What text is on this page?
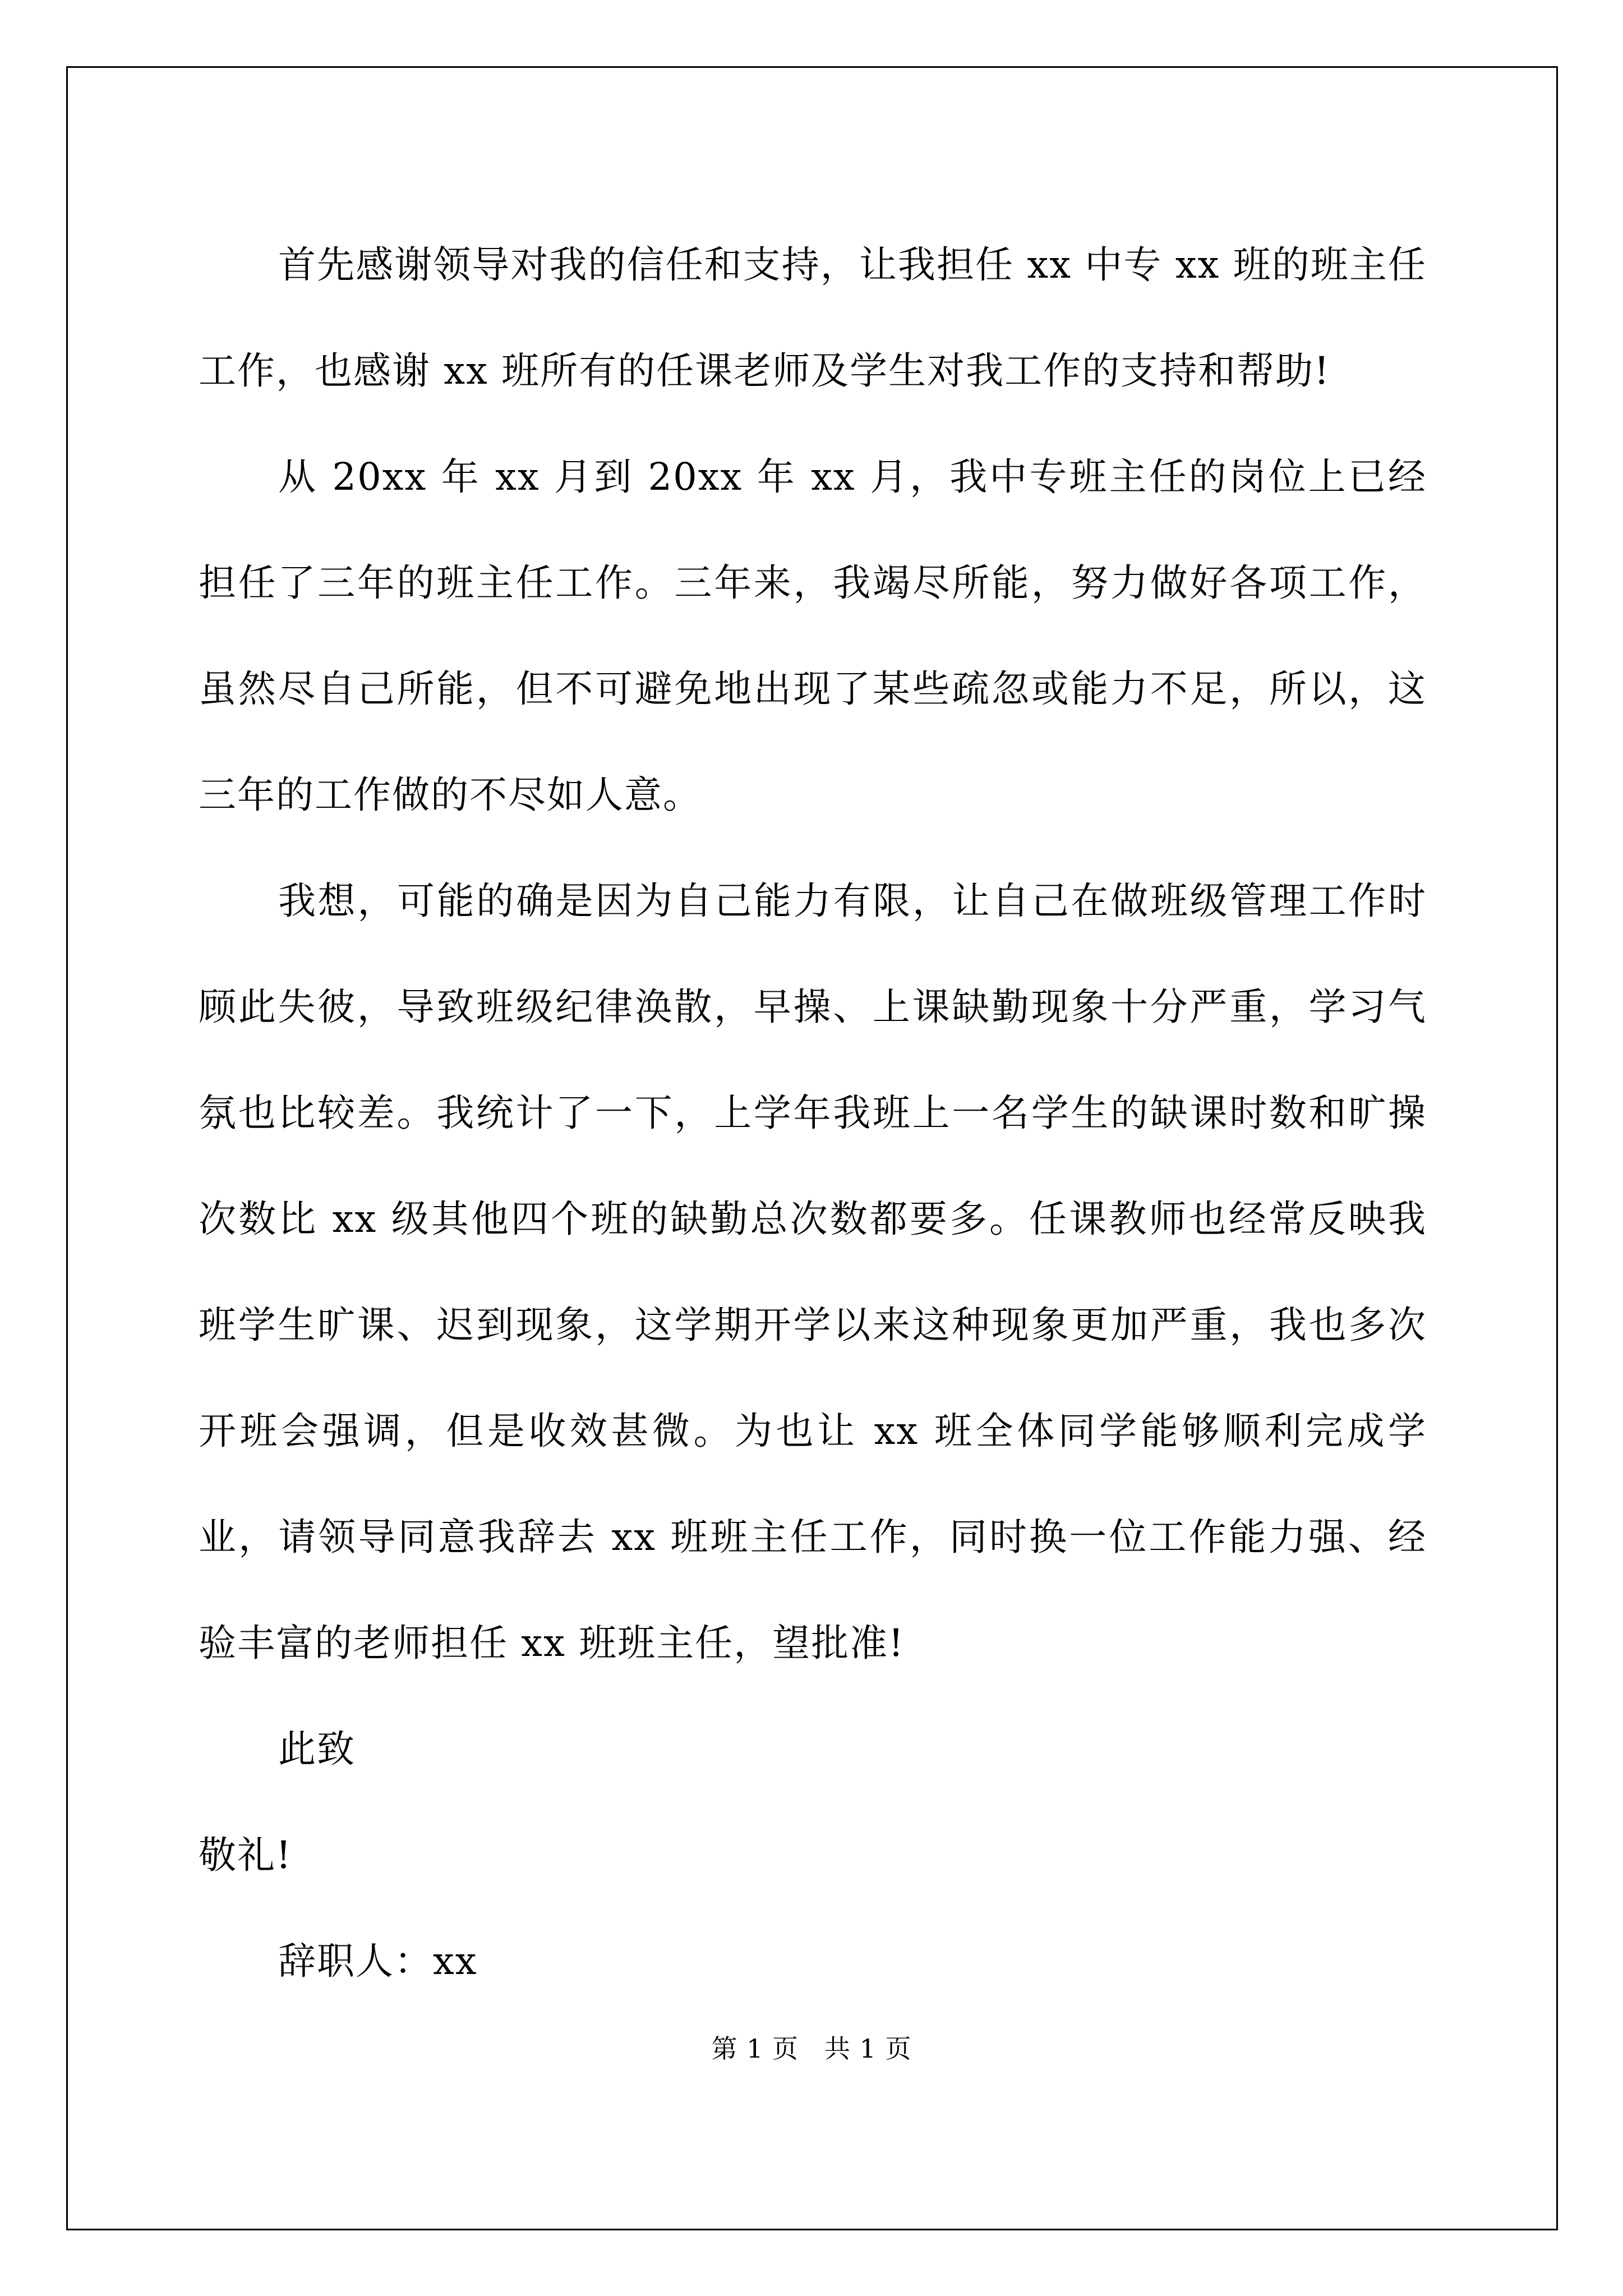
首先感谢领导对我的信任和支持，让我担任 xx 中专 xx 班的班主任工作，也感谢 xx 班所有的任课老师及学生对我工作的支持和帮助!

从 20xx 年 xx 月到 20xx 年 xx 月，我中专班主任的岗位上已经担任了三年的班主任工作。三年来，我竭尽所能，努力做好各项工作，虽然尽自己所能，但不可避免地出现了某些疏忽或能力不足，所以，这三年的工作做的不尽如人意。

我想，可能的确是因为自己能力有限，让自己在做班级管理工作时顾此失彼，导致班级纪律涣散，早操、上课缺勤现象十分严重，学习气氛也比较差。我统计了一下，上学年我班上一名学生的缺课时数和旷操次数比 xx 级其他四个班的缺勤总次数都要多。任课教师也经常反映我班学生旷课、迟到现象，这学期开学以来这种现象更加严重，我也多次开班会强调，但是收效甚微。为也让 xx 班全体同学能够顺利完成学业，请领导同意我辞去 xx 班班主任工作，同时换一位工作能力强、经验丰富的老师担任 xx 班班主任，望批准!

此致

敬礼!

辞职人：xx

第 1 页 共 1 页
